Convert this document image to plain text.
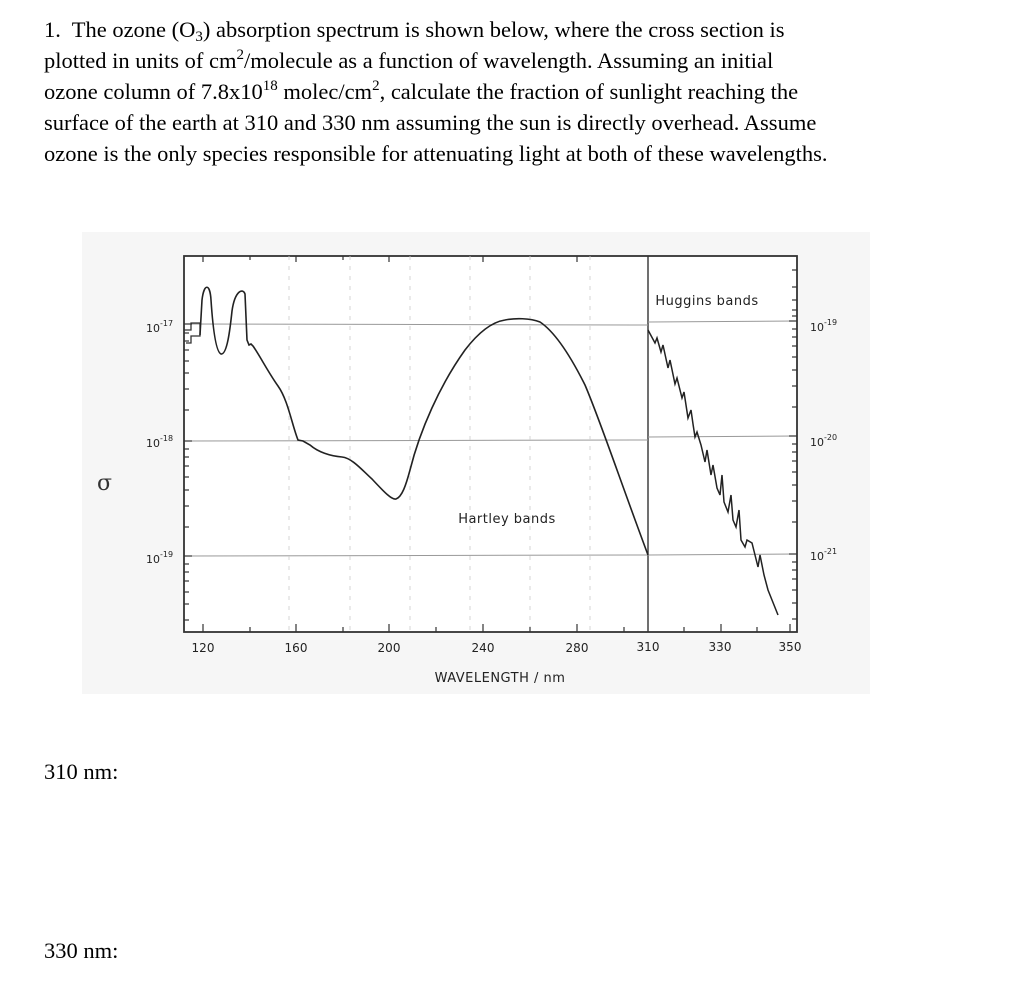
1. The ozone $(O_3)$ absorption spectrum is shown below, where the cross section is

plotted in units of $cm^2$/molecule as a function of wavelength. Assuming an initial

ozone column of $7.8x10^{18}$ molec/$cm^2$, calculate the fraction of sunlight reaching the

surface of the earth at 310 and 330 nm assuming the sun is directly overhead. Assume

ozone is the only species responsible for attenuating light at both of these wavelengths.

$10^{-17}$
$10^{-18}$
$10^{-19}$
$10^{-19}$
$10^{-20}$
$10^{-21}$
120	160	200	240	280	310	330	350
WAVELENGTH / nm
Hartley bands
Huggins bands
σ
310 nm:
330 nm:
